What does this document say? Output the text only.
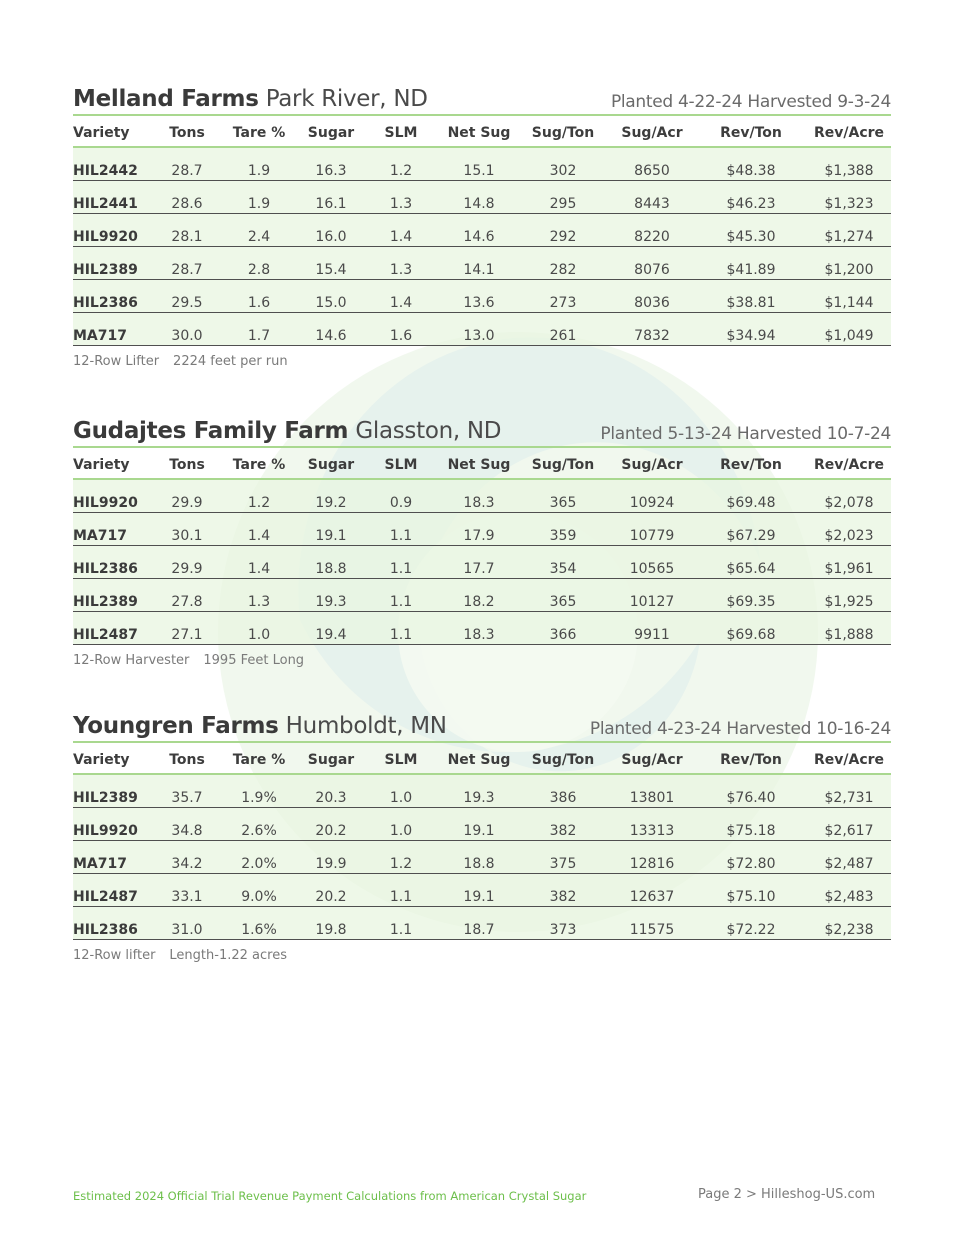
Melland Farms Park River, ND	Planted 4-22-24 Harvested 9-3-24
Variety	Tons	Tare %	Sugar	SLM	Net Sug	Sug/Ton	Sug/Acr	Rev/Ton	Rev/Acre
HIL2442	28.7	1.9	16.3	1.2	15.1	302	8650	$48.38	$1,388
HIL2441	28.6	1.9	16.1	1.3	14.8	295	8443	$46.23	$1,323
HIL9920	28.1	2.4	16.0	1.4	14.6	292	8220	$45.30	$1,274
HIL2389	28.7	2.8	15.4	1.3	14.1	282	8076	$41.89	$1,200
HIL2386	29.5	1.6	15.0	1.4	13.6	273	8036	$38.81	$1,144
MA717	30.0	1.7	14.6	1.6	13.0	261	7832	$34.94	$1,049
12-Row Lifter 2224 feet per run
Gudajtes Family Farm Glasston, ND	Planted 5-13-24 Harvested 10-7-24
Variety	Tons	Tare %	Sugar	SLM	Net Sug	Sug/Ton	Sug/Acr	Rev/Ton	Rev/Acre
HIL9920	29.9	1.2	19.2	0.9	18.3	365	10924	$69.48	$2,078
MA717	30.1	1.4	19.1	1.1	17.9	359	10779	$67.29	$2,023
HIL2386	29.9	1.4	18.8	1.1	17.7	354	10565	$65.64	$1,961
HIL2389	27.8	1.3	19.3	1.1	18.2	365	10127	$69.35	$1,925
HIL2487	27.1	1.0	19.4	1.1	18.3	366	9911	$69.68	$1,888
12-Row Harvester 1995 Feet Long
Youngren Farms Humboldt, MN	Planted 4-23-24 Harvested 10-16-24
Variety	Tons	Tare %	Sugar	SLM	Net Sug	Sug/Ton	Sug/Acr	Rev/Ton	Rev/Acre
HIL2389	35.7	1.9%	20.3	1.0	19.3	386	13801	$76.40	$2,731
HIL9920	34.8	2.6%	20.2	1.0	19.1	382	13313	$75.18	$2,617
MA717	34.2	2.0%	19.9	1.2	18.8	375	12816	$72.80	$2,487
HIL2487	33.1	9.0%	20.2	1.1	19.1	382	12637	$75.10	$2,483
HIL2386	31.0	1.6%	19.8	1.1	18.7	373	11575	$72.22	$2,238
12-Row lifter Length-1.22 acres
Estimated 2024 Official Trial Revenue Payment Calculations from American Crystal Sugar	Page 2 > Hilleshog-US.com
